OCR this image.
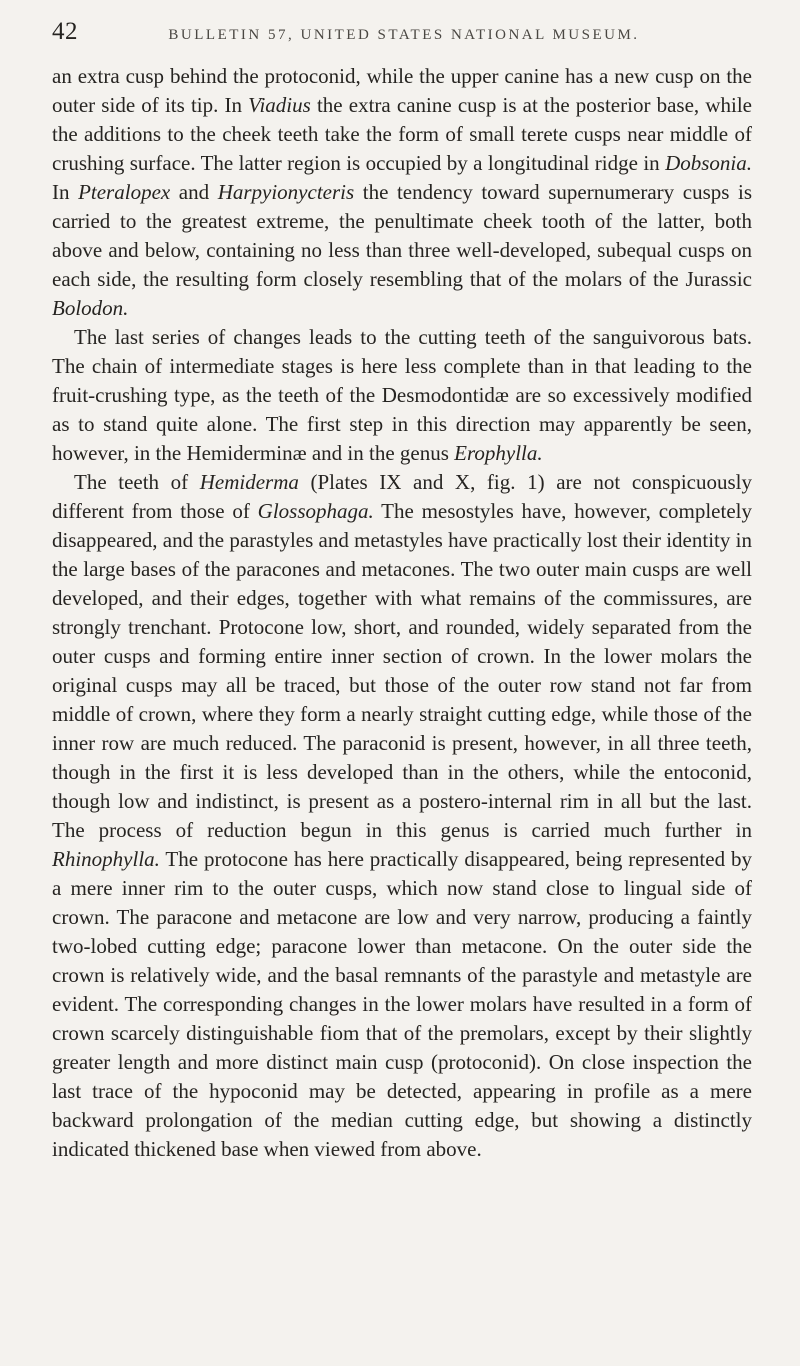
42	BULLETIN 57, UNITED STATES NATIONAL MUSEUM.

an extra cusp behind the protoconid, while the upper canine has a new cusp on the outer side of its tip. In Viadius the extra canine cusp is at the posterior base, while the additions to the cheek teeth take the form of small terete cusps near middle of crushing surface. The latter region is occupied by a longitudinal ridge in Dobsonia. In Pteralopex and Harpyionycteris the tendency toward supernumerary cusps is carried to the greatest extreme, the penultimate cheek tooth of the latter, both above and below, containing no less than three well-developed, subequal cusps on each side, the resulting form closely resembling that of the molars of the Jurassic Bolodon.

The last series of changes leads to the cutting teeth of the sanguivorous bats. The chain of intermediate stages is here less complete than in that leading to the fruit-crushing type, as the teeth of the Desmodontidæ are so excessively modified as to stand quite alone. The first step in this direction may apparently be seen, however, in the Hemiderminæ and in the genus Erophylla.

The teeth of Hemiderma (Plates IX and X, fig. 1) are not conspicuously different from those of Glossophaga. The mesostyles have, however, completely disappeared, and the parastyles and metastyles have practically lost their identity in the large bases of the paracones and metacones. The two outer main cusps are well developed, and their edges, together with what remains of the commissures, are strongly trenchant. Protocone low, short, and rounded, widely separated from the outer cusps and forming entire inner section of crown. In the lower molars the original cusps may all be traced, but those of the outer row stand not far from middle of crown, where they form a nearly straight cutting edge, while those of the inner row are much reduced. The paraconid is present, however, in all three teeth, though in the first it is less developed than in the others, while the entoconid, though low and indistinct, is present as a postero-internal rim in all but the last. The process of reduction begun in this genus is carried much further in Rhinophylla. The protocone has here practically disappeared, being represented by a mere inner rim to the outer cusps, which now stand close to lingual side of crown. The paracone and metacone are low and very narrow, producing a faintly two-lobed cutting edge; paracone lower than metacone. On the outer side the crown is relatively wide, and the basal remnants of the parastyle and metastyle are evident. The corresponding changes in the lower molars have resulted in a form of crown scarcely distinguishable fiom that of the premolars, except by their slightly greater length and more distinct main cusp (protoconid). On close inspection the last trace of the hypoconid may be detected, appearing in profile as a mere backward prolongation of the median cutting edge, but showing a distinctly indicated thickened base when viewed from above.
